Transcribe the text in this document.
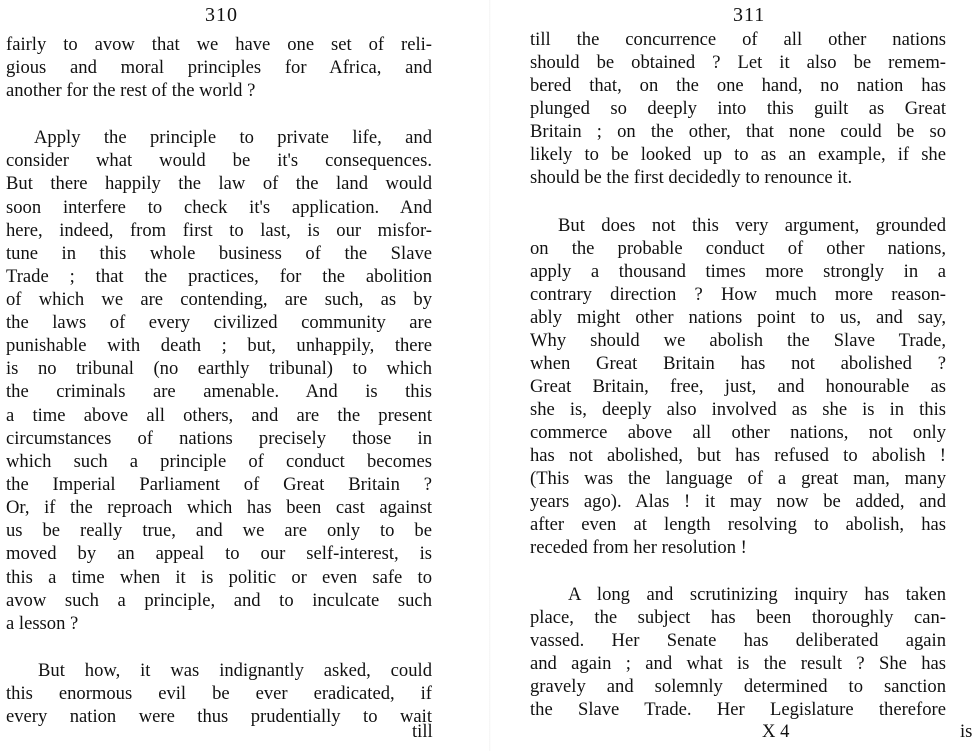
310
fairly to avow that we have one set of reli-
gious and moral principles for Africa, and
another for the rest of the world ?
Apply the principle to private life, and
consider what would be it's consequences.
But there happily the law of the land would
soon interfere to check it's application. And
here, indeed, from first to last, is our misfor-
tune in this whole business of the Slave
Trade ; that the practices, for the abolition
of which we are contending, are such, as by
the laws of every civilized community are
punishable with death ; but, unhappily, there
is no tribunal (no earthly tribunal) to which
the criminals are amenable. And is this
a time above all others, and are the present
circumstances of nations precisely those in
which such a principle of conduct becomes
the Imperial Parliament of Great Britain ?
Or, if the reproach which has been cast against
us be really true, and we are only to be
moved by an appeal to our self-interest, is
this a time when it is politic or even safe to
avow such a principle, and to inculcate such
a lesson ?
But how, it was indignantly asked, could
this enormous evil be ever eradicated, if
every nation were thus prudentially to wait
till
311
till the concurrence of all other nations
should be obtained ? Let it also be remem-
bered that, on the one hand, no nation has
plunged so deeply into this guilt as Great
Britain ; on the other, that none could be so
likely to be looked up to as an example, if she
should be the first decidedly to renounce it.
But does not this very argument, grounded
on the probable conduct of other nations,
apply a thousand times more strongly in a
contrary direction ? How much more reason-
ably might other nations point to us, and say,
Why should we abolish the Slave Trade,
when Great Britain has not abolished ?
Great Britain, free, just, and honourable as
she is, deeply also involved as she is in this
commerce above all other nations, not only
has not abolished, but has refused to abolish !
(This was the language of a great man, many
years ago). Alas ! it may now be added, and
after even at length resolving to abolish, has
receded from her resolution !
A long and scrutinizing inquiry has taken
place, the subject has been thoroughly can-
vassed. Her Senate has deliberated again
and again ; and what is the result ? She has
gravely and solemnly determined to sanction
the Slave Trade. Her Legislature therefore
X 4	is
